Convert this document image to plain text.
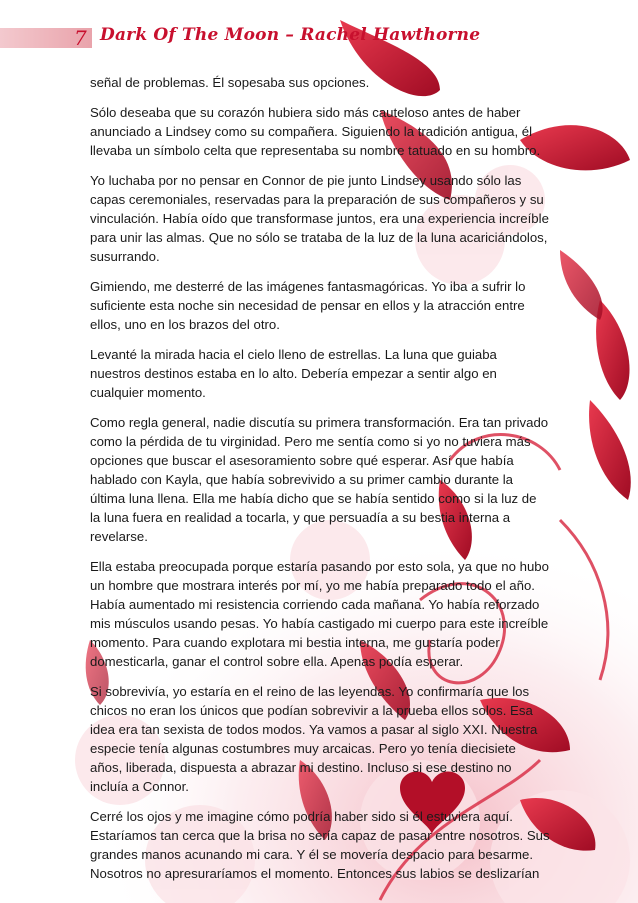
7 Dark Of The Moon – Rachel Hawthorne

señal de problemas. Él sopesaba sus opciones.

Sólo deseaba que su corazón hubiera sido más cauteloso antes de haber anunciado a Lindsey como su compañera. Siguiendo la tradición antigua, él llevaba un símbolo celta que representaba su nombre tatuado en su hombro.

Yo luchaba por no pensar en Connor de pie junto Lindsey usando sólo las capas ceremoniales, reservadas para la preparación de sus compañeros y su vinculación. Había oído que transformase juntos, era una experiencia increíble para unir las almas. Que no sólo se trataba de la luz de la luna acariciándolos, susurrando.

Gimiendo, me desterré de las imágenes fantasmagóricas. Yo iba a sufrir lo suficiente esta noche sin necesidad de pensar en ellos y la atracción entre ellos, uno en los brazos del otro.

Levanté la mirada hacia el cielo lleno de estrellas. La luna que guiaba nuestros destinos estaba en lo alto. Debería empezar a sentir algo en cualquier momento.

Como regla general, nadie discutía su primera transformación. Era tan privado como la pérdida de tu virginidad. Pero me sentía como si yo no tuviera más opciones que buscar el asesoramiento sobre qué esperar. Así que había hablado con Kayla, que había sobrevivido a su primer cambio durante la última luna llena. Ella me había dicho que se había sentido como si la luz de la luna fuera en realidad a tocarla, y que persuadía a su bestia interna a revelarse.

Ella estaba preocupada porque estaría pasando por esto sola, ya que no hubo un hombre que mostrara interés por mí, yo me había preparado todo el año. Había aumentado mi resistencia corriendo cada mañana. Yo había reforzado mis músculos usando pesas. Yo había castigado mi cuerpo para este increíble momento. Para cuando explotara mi bestia interna, me gustaría poder domesticarla, ganar el control sobre ella. Apenas podía esperar.

Si sobrevivía, yo estaría en el reino de las leyendas. Yo confirmaría que los chicos no eran los únicos que podían sobrevivir a la prueba ellos solos. Esa idea era tan sexista de todos modos. Ya vamos a pasar al siglo XXI. Nuestra especie tenía algunas costumbres muy arcaicas. Pero yo tenía diecisiete años, liberada, dispuesta a abrazar mi destino. Incluso si ese destino no incluía a Connor.

Cerré los ojos y me imagine cómo podría haber sido si él estuviera aquí. Estaríamos tan cerca que la brisa no sería capaz de pasar entre nosotros. Sus grandes manos acunando mi cara. Y él se movería despacio para besarme. Nosotros no apresuraríamos el momento. Entonces sus labios se deslizarían
